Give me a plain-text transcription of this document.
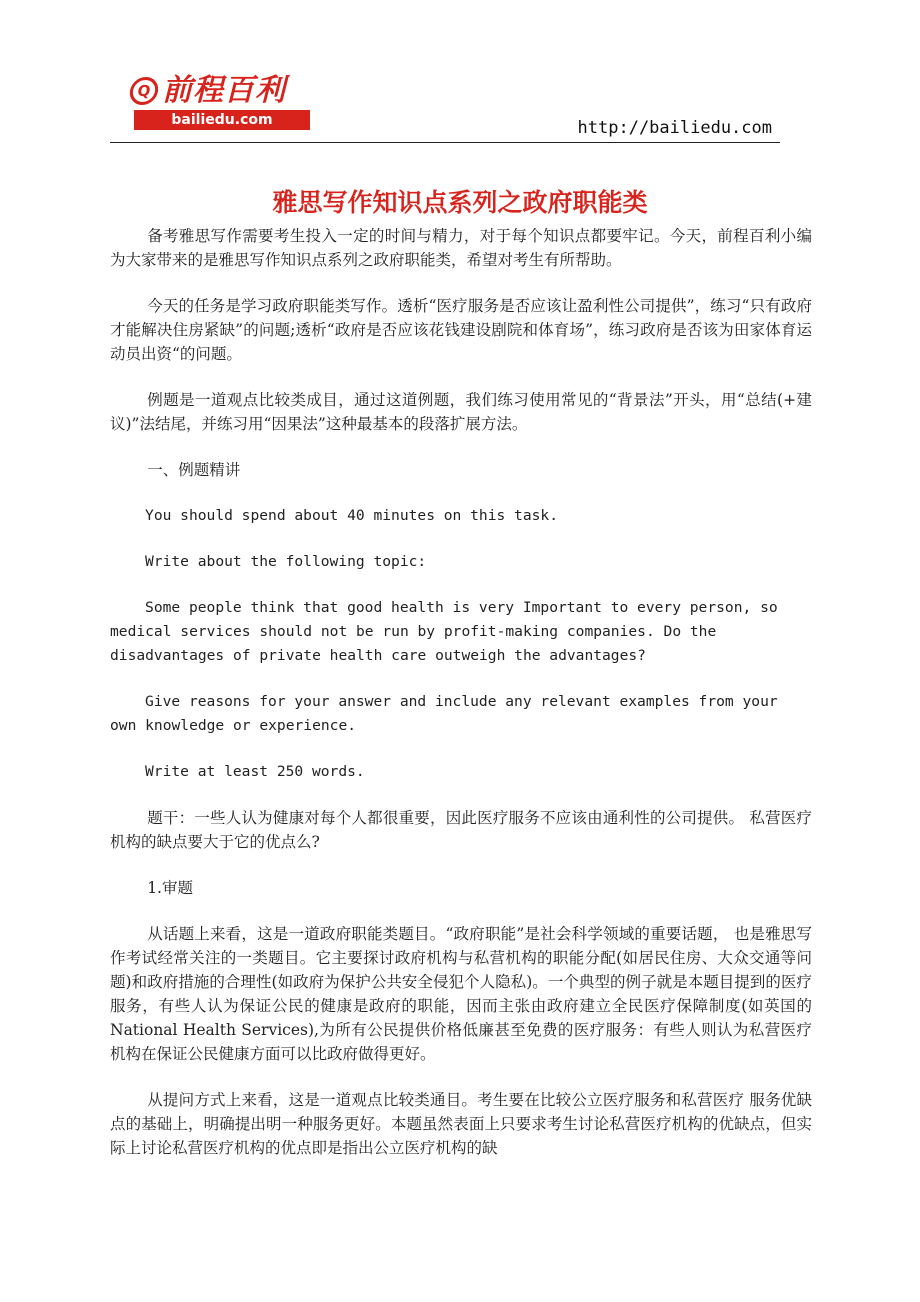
Q 前程百利
bailiedu.com	http://bailiedu.com
雅思写作知识点系列之政府职能类

备考雅思写作需要考生投入一定的时间与精力，对于每个知识点都要牢记。今天，前程百利小编为大家带来的是雅思写作知识点系列之政府职能类，希望对考生有所帮助。

今天的任务是学习政府职能类写作。透析“医疗服务是否应该让盈利性公司提供”，练习“只有政府才能解决住房紧缺”的问题;透析“政府是否应该花钱建设剧院和体育场”，练习政府是否该为田家体育运动员出资“的问题。

例题是一道观点比较类成目，通过这道例题，我们练习使用常见的“背景法”开头，用“总结(+建议)”法结尾，并练习用“因果法”这种最基本的段落扩展方法。

一、例题精讲

You should spend about 40 minutes on this task.

Write about the following topic:

Some people think that good health is very Important to every person, so medical services should not be run by profit-making companies. Do the disadvantages of private health care outweigh the advantages?

Give reasons for your answer and include any relevant examples from your own knowledge or experience.

Write at least 250 words.

题干：一些人认为健康对每个人都很重要，因此医疗服务不应该由通利性的公司提供。 私营医疗机构的缺点要大于它的优点么?

1.审题

从话题上来看，这是一道政府职能类题目。“政府职能”是社会科学领域的重要话题， 也是雅思写作考试经常关注的一类题目。它主要探讨政府机构与私营机构的职能分配(如居民住房、大众交通等问题)和政府措施的合理性(如政府为保护公共安全侵犯个人隐私)。一个典型的例子就是本题目提到的医疗服务，有些人认为保证公民的健康是政府的职能，因而主张由政府建立全民医疗保障制度(如英国的National Health Services),为所有公民提供价格低廉甚至免费的医疗服务：有些人则认为私营医疗机构在保证公民健康方面可以比政府做得更好。

从提问方式上来看，这是一道观点比较类通目。考生要在比较公立医疗服务和私营医疗 服务优缺点的基础上，明确提出明一种服务更好。本题虽然表面上只要求考生讨论私营医疗机构的优缺点，但实际上讨论私营医疗机构的优点即是指出公立医疗机构的缺
